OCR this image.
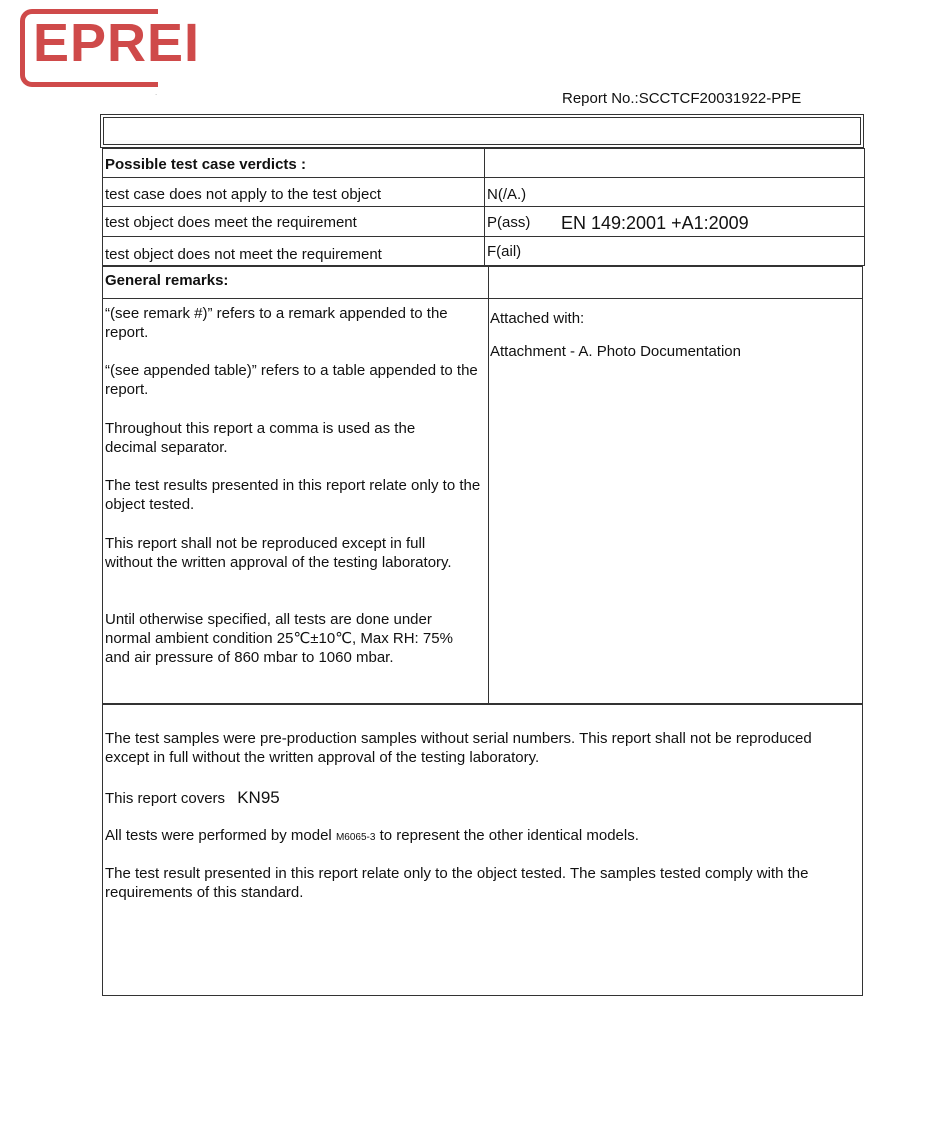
EPREI
.	Report No.:SCCTCF20031922-PPE
Possible test case verdicts :
test case does not apply to the test object	N(/A.)
test object does meet the requirement	P(ass) EN 149:2001 +A1:2009
test object does not meet the requirement	F(ail)
General remarks:
“(see remark #)” refers to a remark appended to the report.
“(see appended table)” refers to a table appended to the report.
Throughout this report a comma is used as the decimal separator.
The test results presented in this report relate only to the object tested.
This report shall not be reproduced except in full without the written approval of the testing laboratory.
Until otherwise specified, all tests are done under normal ambient condition 25℃±10℃, Max RH: 75% and air pressure of 860 mbar to 1060 mbar.
Attached with:
Attachment - A. Photo Documentation
The test samples were pre-production samples without serial numbers. This report shall not be reproduced except in full without the written approval of the testing laboratory.
This report covers KN95
All tests were performed by model M6065-3 to represent the other identical models.
The test result presented in this report relate only to the object tested. The samples tested comply with the requirements of this standard.
